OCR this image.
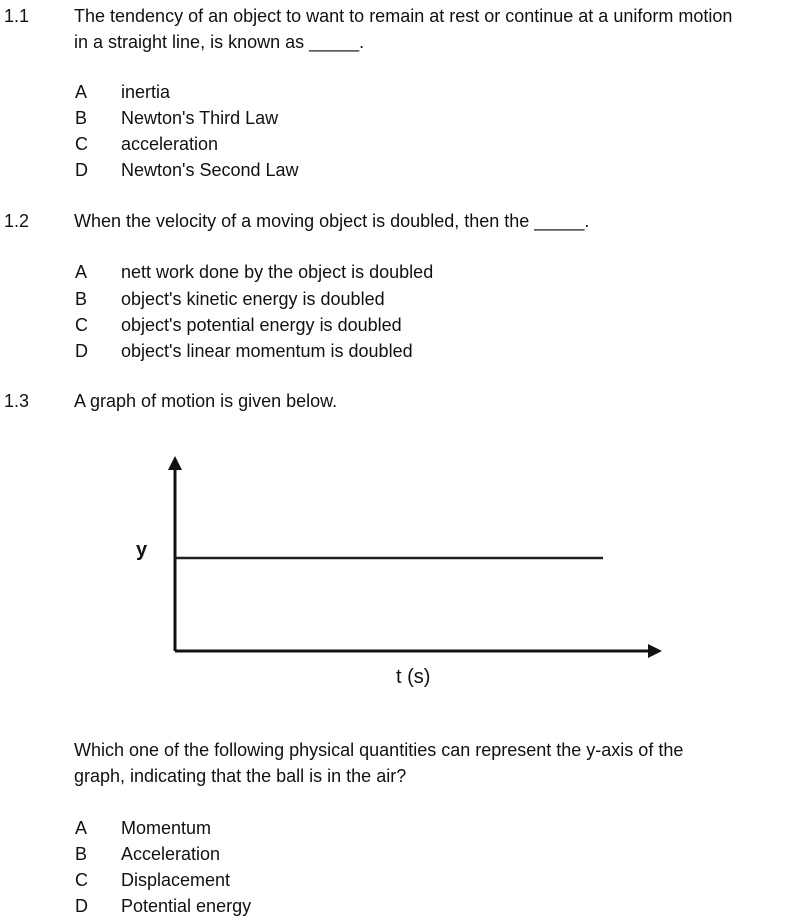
1.1 The tendency of an object to want to remain at rest or continue at a uniform motion
in a straight line, is known as _____.
A	inertia
B	Newton's Third Law
C	acceleration
D	Newton's Second Law
1.2 When the velocity of a moving object is doubled, then the _____.
A	nett work done by the object is doubled
B	object's kinetic energy is doubled
C	object's potential energy is doubled
D	object's linear momentum is doubled
1.3 A graph of motion is given below.
y
t (s)
Which one of the following physical quantities can represent the y-axis of the
graph, indicating that the ball is in the air?
A	Momentum
B	Acceleration
C	Displacement
D	Potential energy
